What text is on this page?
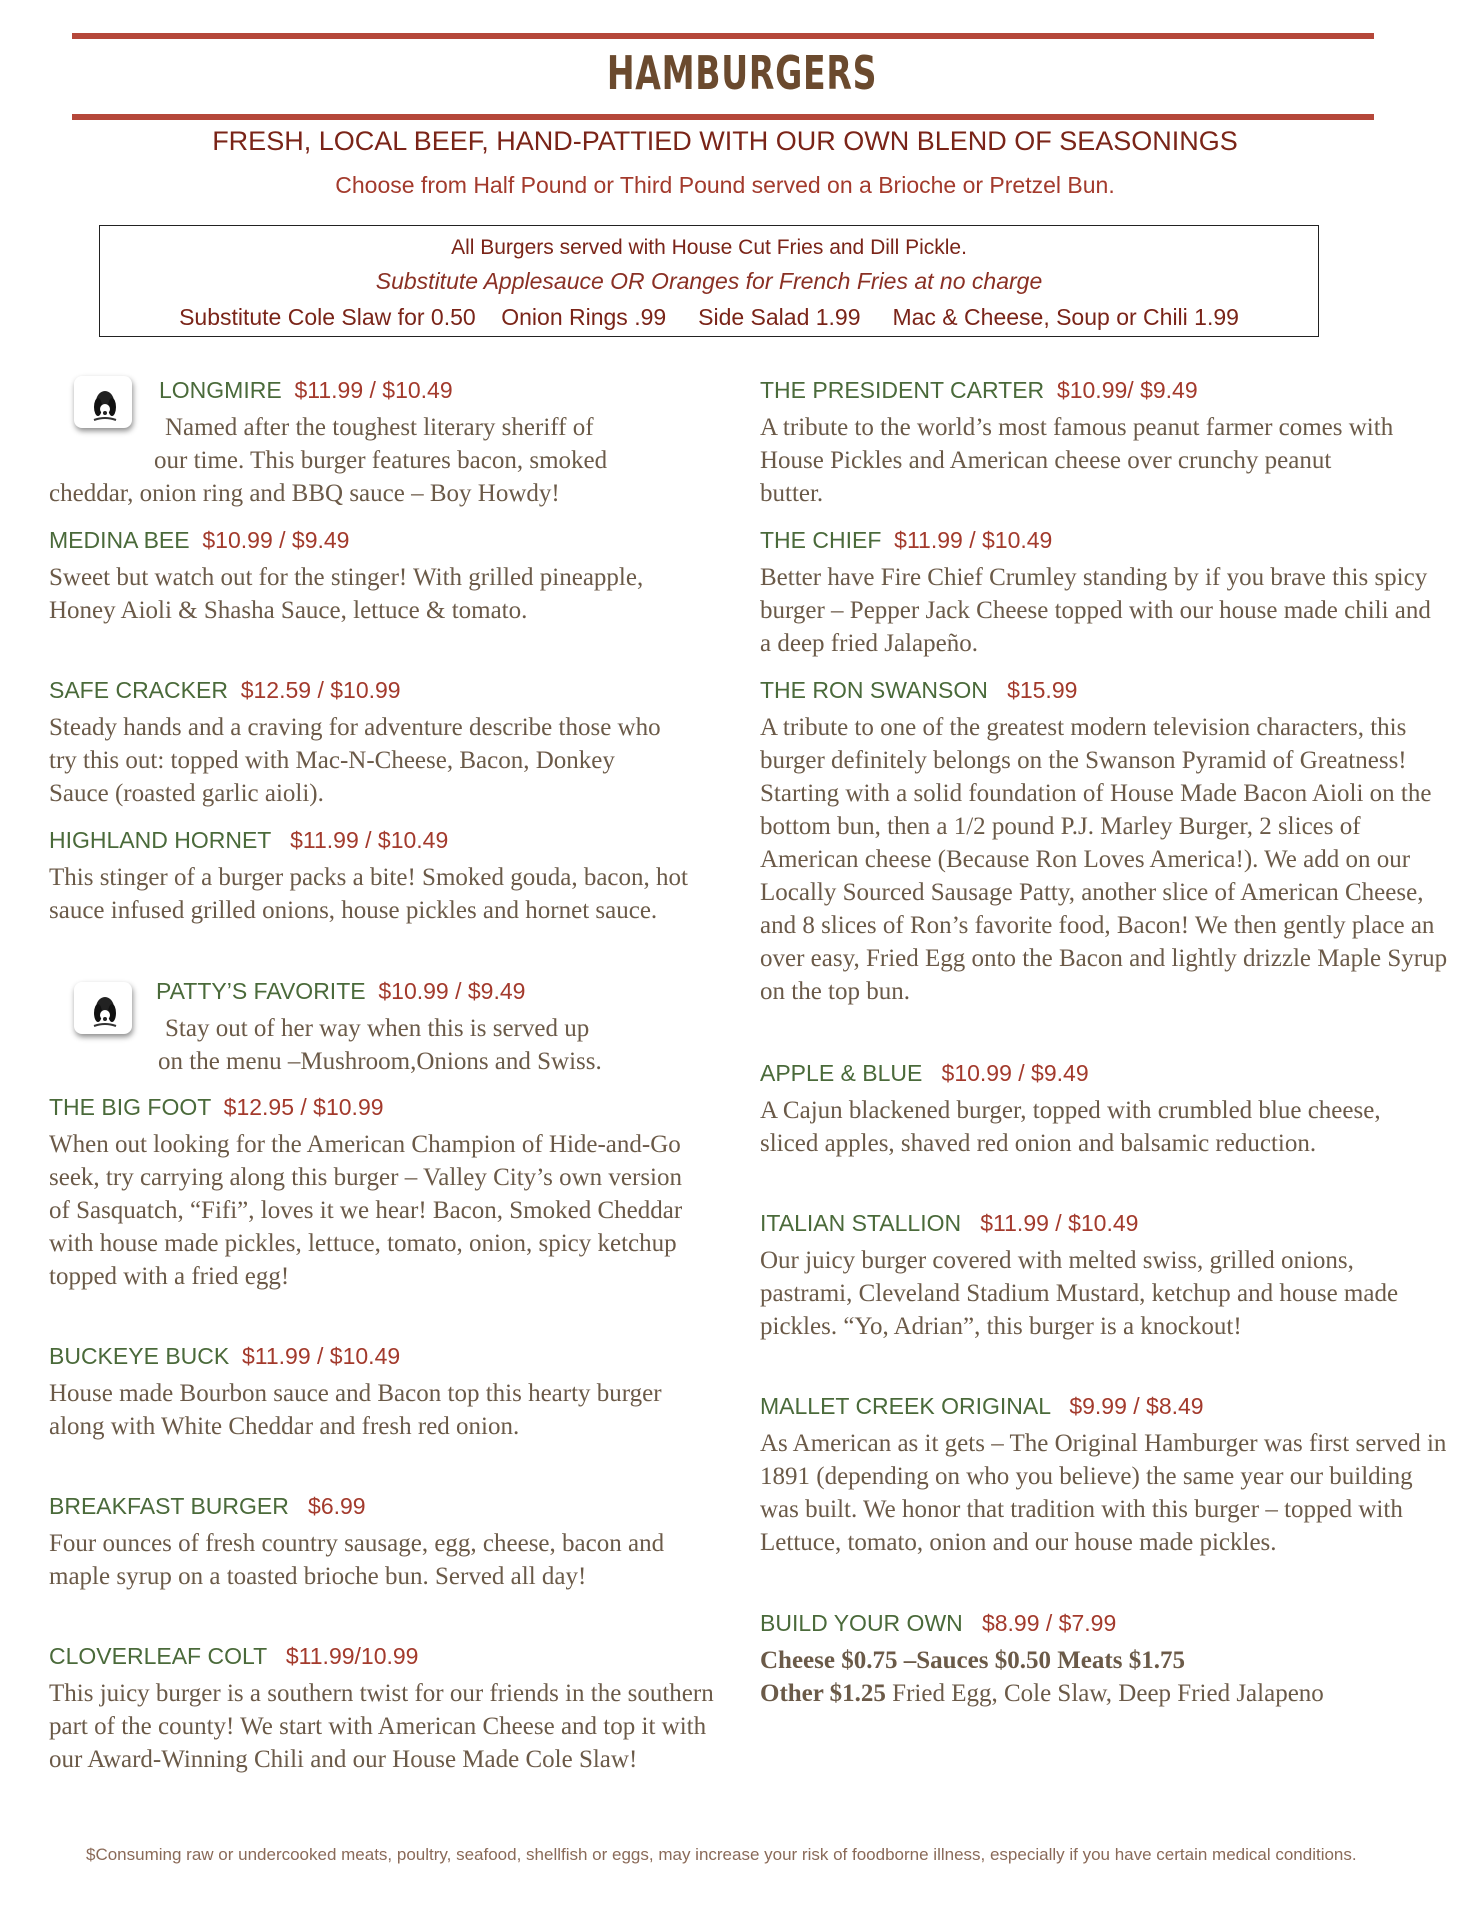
HAMBURGERS
FRESH, LOCAL BEEF, HAND-PATTIED WITH OUR OWN BLEND OF SEASONINGS
Choose from Half Pound or Third Pound served on a Brioche or Pretzel Bun.
All Burgers served with House Cut Fries and Dill Pickle.
Substitute Applesauce OR Oranges for French Fries at no charge
Substitute Cole Slaw for 0.50    Onion Rings .99     Side Salad 1.99     Mac & Cheese, Soup or Chili 1.99
LONGMIRE $11.99 / $10.49
Named after the toughest literary sheriff of
our time. This burger features bacon, smoked
cheddar, onion ring and BBQ sauce – Boy Howdy!
MEDINA BEE $10.99 / $9.49
Sweet but watch out for the stinger! With grilled pineapple, Honey Aioli & Shasha Sauce, lettuce & tomato.
SAFE CRACKER $12.59 / $10.99
Steady hands and a craving for adventure describe those who try this out: topped with Mac-N-Cheese, Bacon, Donkey Sauce (roasted garlic aioli).
HIGHLAND HORNET $11.99 / $10.49
This stinger of a burger packs a bite! Smoked gouda, bacon, hot sauce infused grilled onions, house pickles and hornet sauce.
PATTY’S FAVORITE $10.99 / $9.49
Stay out of her way when this is served up
on the menu –Mushroom,Onions and Swiss.
THE BIG FOOT $12.95 / $10.99
When out looking for the American Champion of Hide-and-Go seek, try carrying along this burger – Valley City’s own version of Sasquatch, “Fifi”, loves it we hear! Bacon, Smoked Cheddar with house made pickles, lettuce, tomato, onion, spicy ketchup topped with a fried egg!
BUCKEYE BUCK $11.99 / $10.49
House made Bourbon sauce and Bacon top this hearty burger along with White Cheddar and fresh red onion.
BREAKFAST BURGER $6.99
Four ounces of fresh country sausage, egg, cheese, bacon and maple syrup on a toasted brioche bun. Served all day!
CLOVERLEAF COLT $11.99/10.99
This juicy burger is a southern twist for our friends in the southern part of the county! We start with American Cheese and top it with our Award-Winning Chili and our House Made Cole Slaw!
THE PRESIDENT CARTER $10.99/ $9.49
A tribute to the world’s most famous peanut farmer comes with House Pickles and American cheese over crunchy peanut butter.
THE CHIEF $11.99 / $10.49
Better have Fire Chief Crumley standing by if you brave this spicy burger – Pepper Jack Cheese topped with our house made chili and a deep fried Jalapeño.
THE RON SWANSON $15.99
A tribute to one of the greatest modern television characters, this burger definitely belongs on the Swanson Pyramid of Greatness! Starting with a solid foundation of House Made Bacon Aioli on the bottom bun, then a 1/2 pound P.J. Marley Burger, 2 slices of American cheese (Because Ron Loves America!). We add on our Locally Sourced Sausage Patty, another slice of American Cheese, and 8 slices of Ron’s favorite food, Bacon! We then gently place an over easy, Fried Egg onto the Bacon and lightly drizzle Maple Syrup on the top bun.
APPLE & BLUE $10.99 / $9.49
A Cajun blackened burger, topped with crumbled blue cheese, sliced apples, shaved red onion and balsamic reduction.
ITALIAN STALLION $11.99 / $10.49
Our juicy burger covered with melted swiss, grilled onions, pastrami, Cleveland Stadium Mustard, ketchup and house made pickles. “Yo, Adrian”, this burger is a knockout!
MALLET CREEK ORIGINAL $9.99 / $8.49
As American as it gets – The Original Hamburger was first served in 1891 (depending on who you believe) the same year our building was built. We honor that tradition with this burger – topped with Lettuce, tomato, onion and our house made pickles.
BUILD YOUR OWN $8.99 / $7.99
Cheese $0.75 –Sauces $0.50 Meats $1.75
Other $1.25 Fried Egg, Cole Slaw, Deep Fried Jalapeno
$Consuming raw or undercooked meats, poultry, seafood, shellfish or eggs, may increase your risk of foodborne illness, especially if you have certain medical conditions.
